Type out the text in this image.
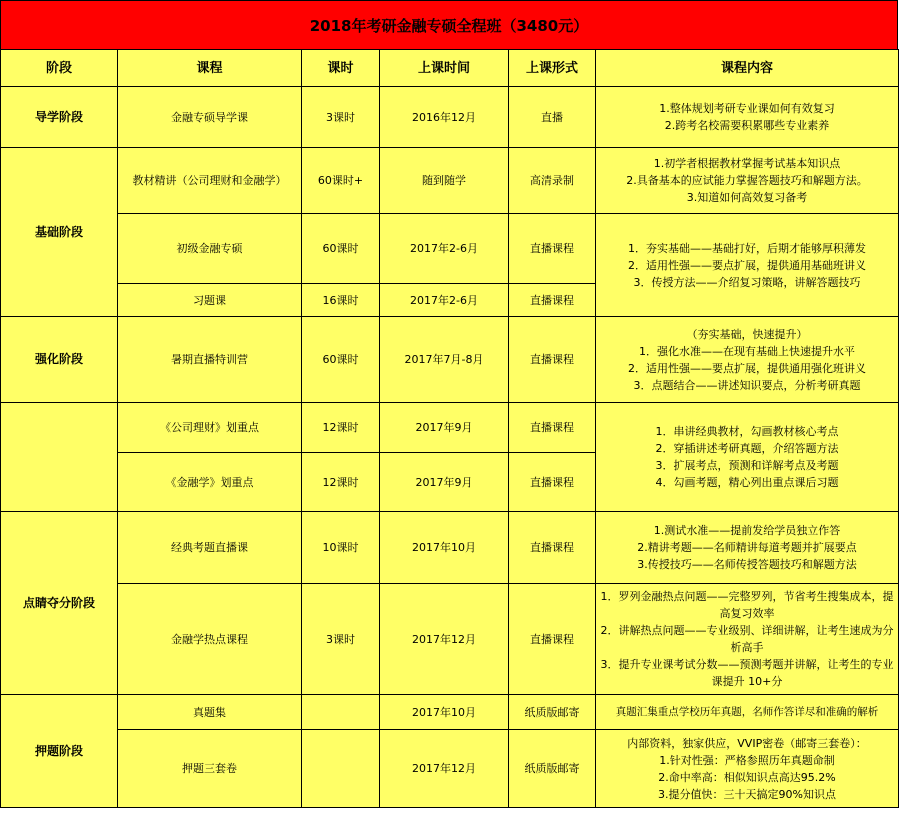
2018年考研金融专硕全程班（3480元）
阶段	课程	课时	上课时间	上课形式	课程内容
导学阶段	金融专硕导学课	3课时	2016年12月	直播	1.整体规划考研专业课如何有效复习
2.跨考名校需要积累哪些专业素养

基础阶段	教材精讲（公司理财和金融学）	60课时+	随到随学	高清录制	1.初学者根据教材掌握考试基本知识点
2.具备基本的应试能力掌握答题技巧和解题方法。
3.知道如何高效复习备考

	初级金融专硕	60课时	2017年2-6月	直播课程	1．夯实基础——基础打好，后期才能够厚积薄发
2．适用性强——要点扩展，提供通用基础班讲义
3．传授方法——介绍复习策略，讲解答题技巧

	习题课	16课时	2017年2-6月	直播课程	
强化阶段	暑期直播特训营	60课时	2017年7月-8月	直播课程	（夯实基础，快速提升）
1．强化水准——在现有基础上快速提升水平
2．适用性强——要点扩展，提供通用强化班讲义
3．点题结合——讲述知识要点，分析考研真题

	《公司理财》划重点	12课时	2017年9月	直播课程	1．串讲经典教材，勾画教材核心考点
2．穿插讲述考研真题，介绍答题方法
3．扩展考点，预测和详解考点及考题
4．勾画考题，精心列出重点课后习题

	《金融学》划重点	12课时	2017年9月	直播课程	
点睛夺分阶段	经典考题直播课	10课时	2017年10月	直播课程	1.测试水准——提前发给学员独立作答
2.精讲考题——名师精讲每道考题并扩展要点
3.传授技巧——名师传授答题技巧和解题方法

	金融学热点课程	3课时	2017年12月	直播课程	1．罗列金融热点问题——完整罗列，节省考生搜集成本，提高复习效率
2．讲解热点问题——专业级别、详细讲解，让考生速成为分析高手
3．提升专业课考试分数——预测考题并讲解，让考生的专业课提升 10+分

押题阶段	真题集		2017年10月	纸质版邮寄	真题汇集重点学校历年真题，名师作答详尽和准确的解析

	押题三套卷		2017年12月	纸质版邮寄	内部资料，独家供应，VVIP密卷（邮寄三套卷）：
1.针对性强：严格参照历年真题命制
2.命中率高：相似知识点高达95.2%
3.提分值快：三十天搞定90%知识点
